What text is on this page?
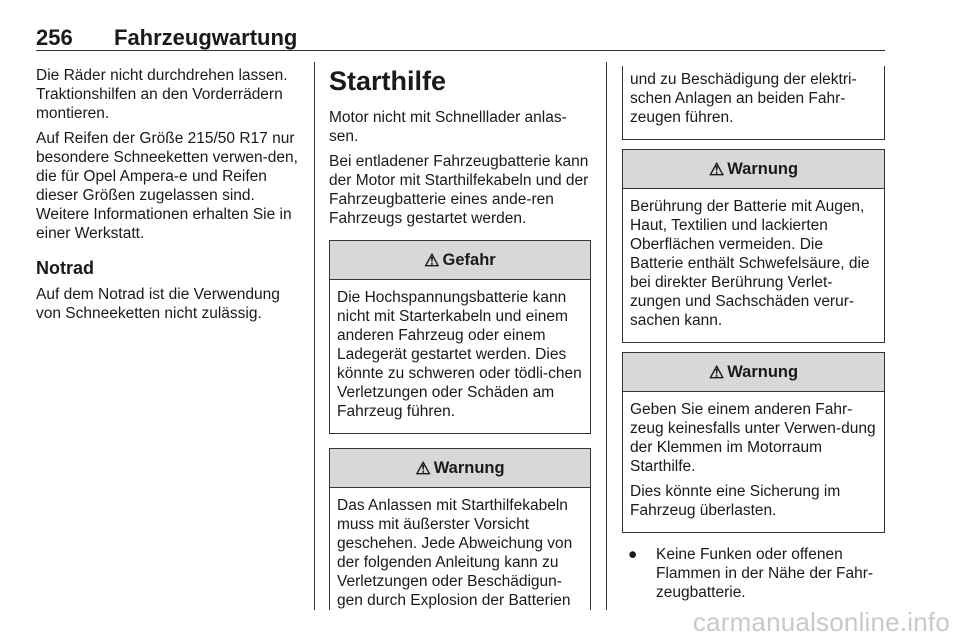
256 Fahrzeugwartung

Die Räder nicht durchdrehen lassen. Traktionshilfen an den Vorderrädern montieren.

Auf Reifen der Größe 215/50 R17 nur besondere Schneeketten verwen-den, die für Opel Ampera-e und Reifen dieser Größen zugelassen sind. Weitere Informationen erhalten Sie in einer Werkstatt.

Notrad

Auf dem Notrad ist die Verwendung von Schneeketten nicht zulässig.

Starthilfe

Motor nicht mit Schnelllader anlas-sen.

Bei entladener Fahrzeugbatterie kann der Motor mit Starthilfekabeln und der Fahrzeugbatterie eines ande-ren Fahrzeugs gestartet werden.

⚠ Gefahr

Die Hochspannungsbatterie kann nicht mit Starterkabeln und einem anderen Fahrzeug oder einem Ladegerät gestartet werden. Dies könnte zu schweren oder tödli-chen Verletzungen oder Schäden am Fahrzeug führen.

⚠ Warnung

Das Anlassen mit Starthilfekabeln muss mit äußerster Vorsicht geschehen. Jede Abweichung von der folgenden Anleitung kann zu Verletzungen oder Beschädigun-gen durch Explosion der Batterien

und zu Beschädigung der elektri-schen Anlagen an beiden Fahr-zeugen führen.

⚠ Warnung

Berührung der Batterie mit Augen, Haut, Textilien und lackierten Oberflächen vermeiden. Die Batterie enthält Schwefelsäure, die bei direkter Berührung Verlet-zungen und Sachschäden verur-sachen kann.

⚠ Warnung

Geben Sie einem anderen Fahr-zeug keinesfalls unter Verwen-dung der Klemmen im Motorraum Starthilfe.

Dies könnte eine Sicherung im Fahrzeug überlasten.

●	Keine Funken oder offenen Flammen in der Nähe der Fahr-zeugbatterie.
carmanualsonline.info
